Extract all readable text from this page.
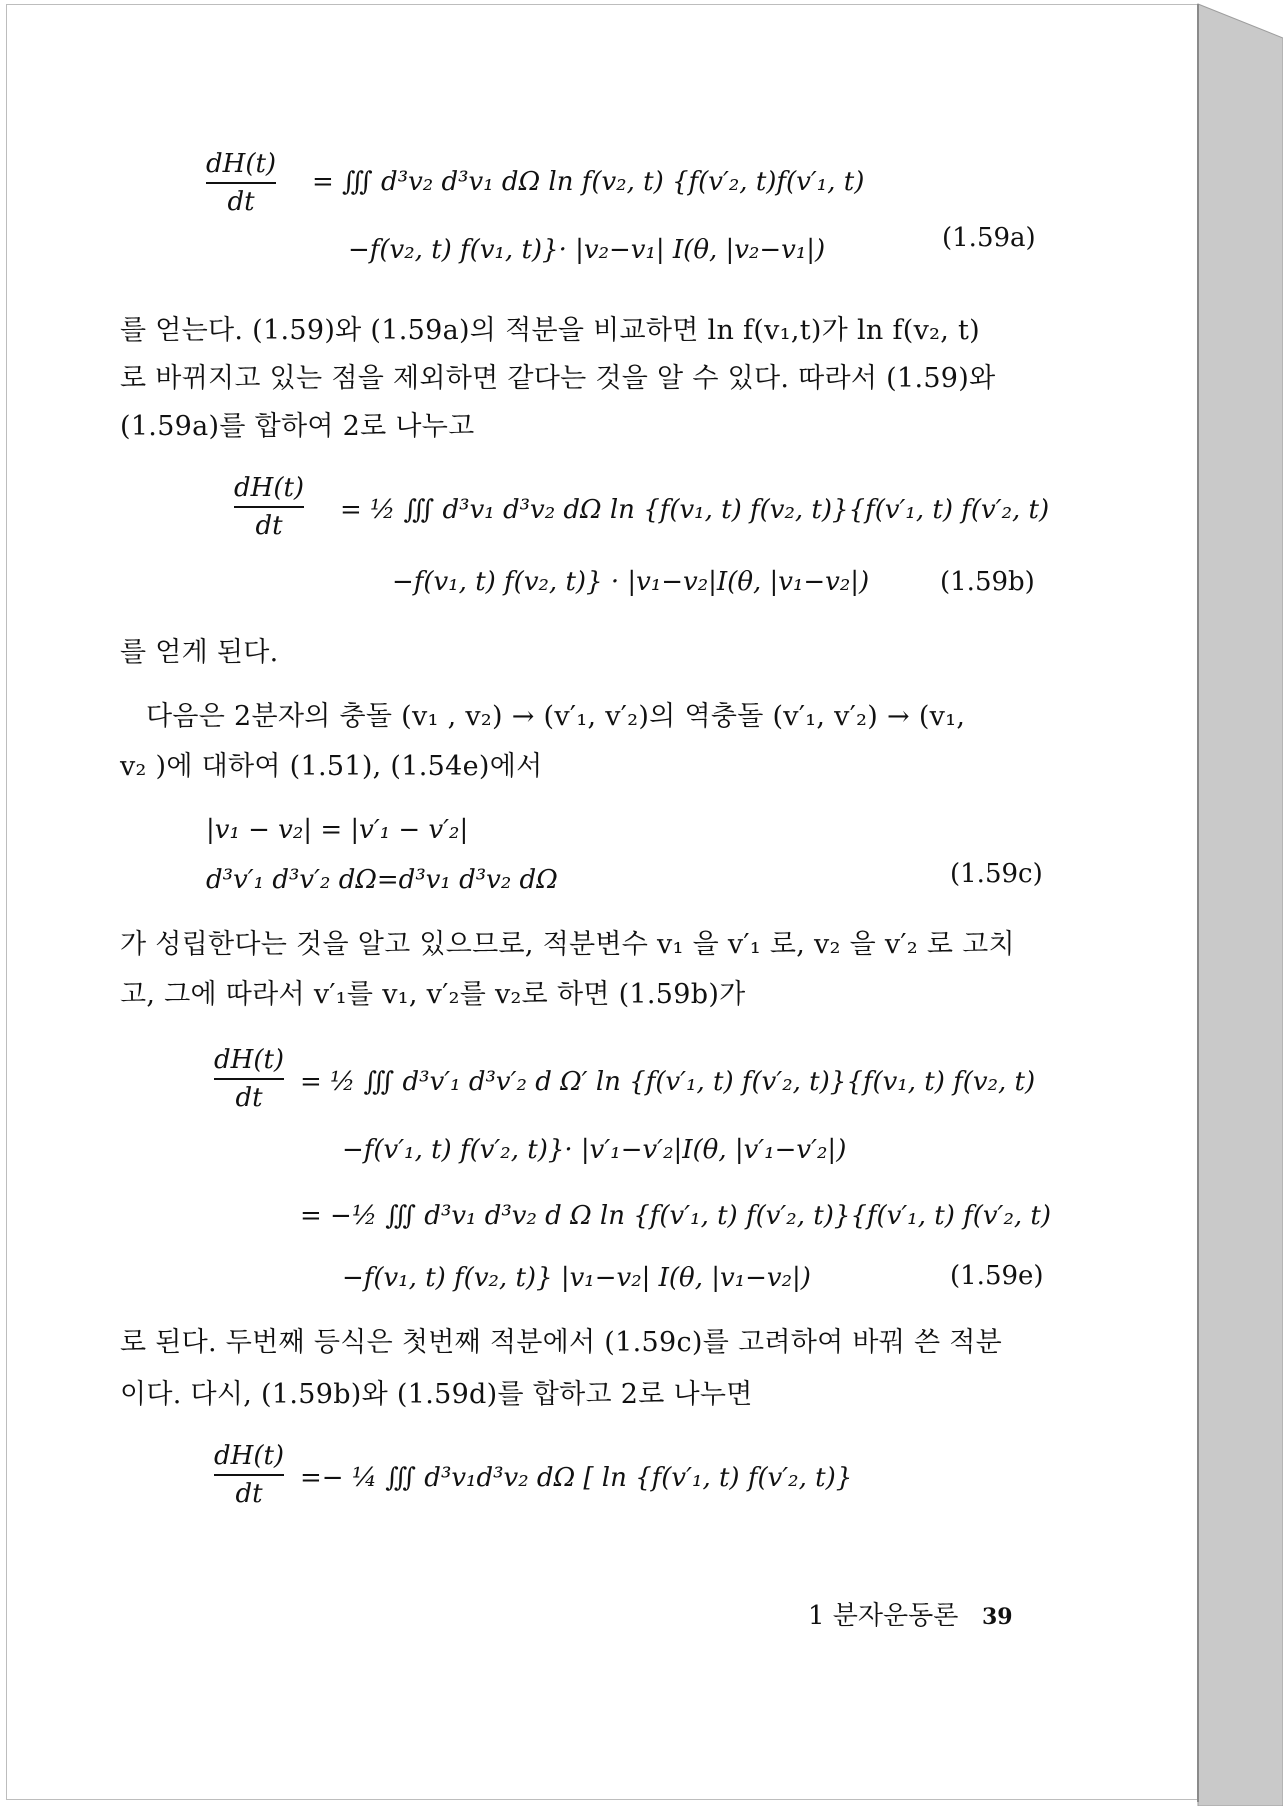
dH(t)
dt
= ∭ d³v₂ d³v₁ dΩ ln f(v₂, t) {f(v′₂, t)f(v′₁, t)
−f(v₂, t) f(v₁, t)}· |v₂−v₁| I(θ, |v₂−v₁|)	(1.59a)
를 얻는다. (1.59)와 (1.59a)의 적분을 비교하면 ln f(v₁,t)가 ln f(v₂, t)
로 바뀌지고 있는 점을 제외하면 같다는 것을 알 수 있다. 따라서 (1.59)와
(1.59a)를 합하여 2로 나누고
dH(t)
dt
= ½ ∭ d³v₁ d³v₂ dΩ ln {f(v₁, t) f(v₂, t)}{f(v′₁, t) f(v′₂, t)
−f(v₁, t) f(v₂, t)} · |v₁−v₂|I(θ, |v₁−v₂|)	(1.59b)
를 얻게 된다.
다음은 2분자의 충돌 (v₁ , v₂) → (v′₁, v′₂)의 역충돌 (v′₁, v′₂) → (v₁,
v₂ )에 대하여 (1.51), (1.54e)에서
|v₁ − v₂| = |v′₁ − v′₂|
d³v′₁ d³v′₂ dΩ=d³v₁ d³v₂ dΩ	(1.59c)
가 성립한다는 것을 알고 있으므로, 적분변수 v₁ 을 v′₁ 로, v₂ 을 v′₂ 로 고치
고, 그에 따라서 v′₁를 v₁, v′₂를 v₂로 하면 (1.59b)가
dH(t)
dt
= ½ ∭ d³v′₁ d³v′₂ d Ω′ ln {f(v′₁, t) f(v′₂, t)}{f(v₁, t) f(v₂, t)
−f(v′₁, t) f(v′₂, t)}· |v′₁−v′₂|I(θ, |v′₁−v′₂|)
= −½ ∭ d³v₁ d³v₂ d Ω ln {f(v′₁, t) f(v′₂, t)}{f(v′₁, t) f(v′₂, t)
−f(v₁, t) f(v₂, t)} |v₁−v₂| I(θ, |v₁−v₂|)	(1.59e)
로 된다. 두번째 등식은 첫번째 적분에서 (1.59c)를 고려하여 바꿔 쓴 적분
이다. 다시, (1.59b)와 (1.59d)를 합하고 2로 나누면
dH(t)
dt
=− ¼ ∭ d³v₁d³v₂ dΩ [ ln {f(v′₁, t) f(v′₂, t)}
1 분자운동론 39
